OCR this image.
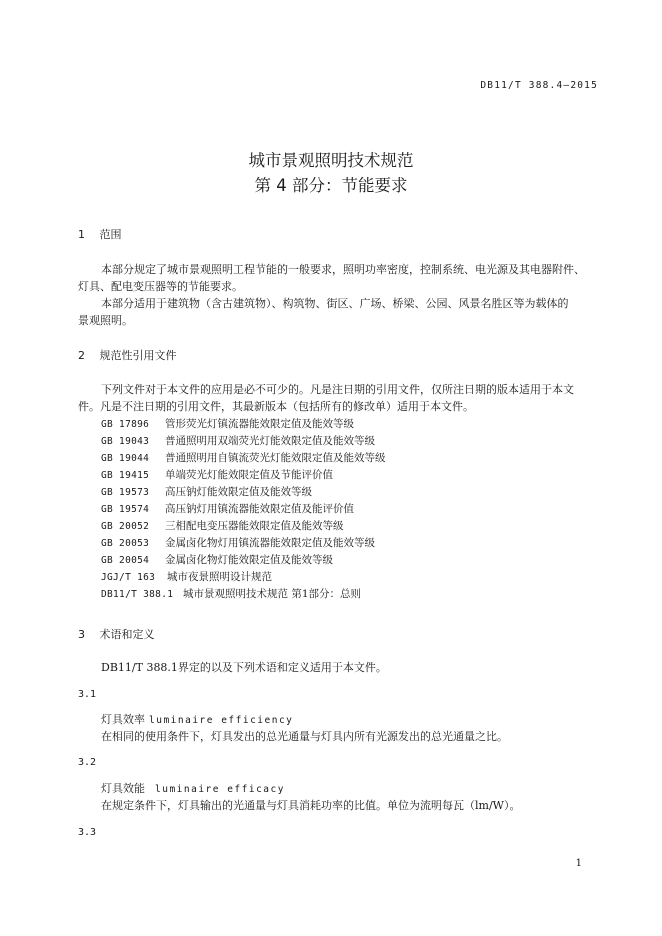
DB11/T 388.4—2015
城市景观照明技术规范
第 4 部分：节能要求
1 范围
本部分规定了城市景观照明工程节能的一般要求，照明功率密度，控制系统、电光源及其电器附件、
灯具、配电变压器等的节能要求。
本部分适用于建筑物（含古建筑物）、构筑物、街区、广场、桥梁、公园、风景名胜区等为载体的
景观照明。
2 规范性引用文件
下列文件对于本文件的应用是必不可少的。凡是注日期的引用文件，仅所注日期的版本适用于本文
件。凡是不注日期的引用文件，其最新版本（包括所有的修改单）适用于本文件。
GB 17896 管形荧光灯镇流器能效限定值及能效等级
GB 19043 普通照明用双端荧光灯能效限定值及能效等级
GB 19044 普通照明用自镇流荧光灯能效限定值及能效等级
GB 19415 单端荧光灯能效限定值及节能评价值
GB 19573 高压钠灯能效限定值及能效等级
GB 19574 高压钠灯用镇流器能效限定值及能评价值
GB 20052 三相配电变压器能效限定值及能效等级
GB 20053 金属卤化物灯用镇流器能效限定值及能效等级
GB 20054 金属卤化物灯能效限定值及能效等级
JGJ/T 163 城市夜景照明设计规范
DB11/T 388.1 城市景观照明技术规范 第1部分：总则
3 术语和定义
DB11/T 388.1界定的以及下列术语和定义适用于本文件。
3.1
灯具效率 luminaire efficiency
在相同的使用条件下，灯具发出的总光通量与灯具内所有光源发出的总光通量之比。
3.2
灯具效能 luminaire efficacy
在规定条件下，灯具输出的光通量与灯具消耗功率的比值。单位为流明每瓦（lm/W）。
3.3
1
